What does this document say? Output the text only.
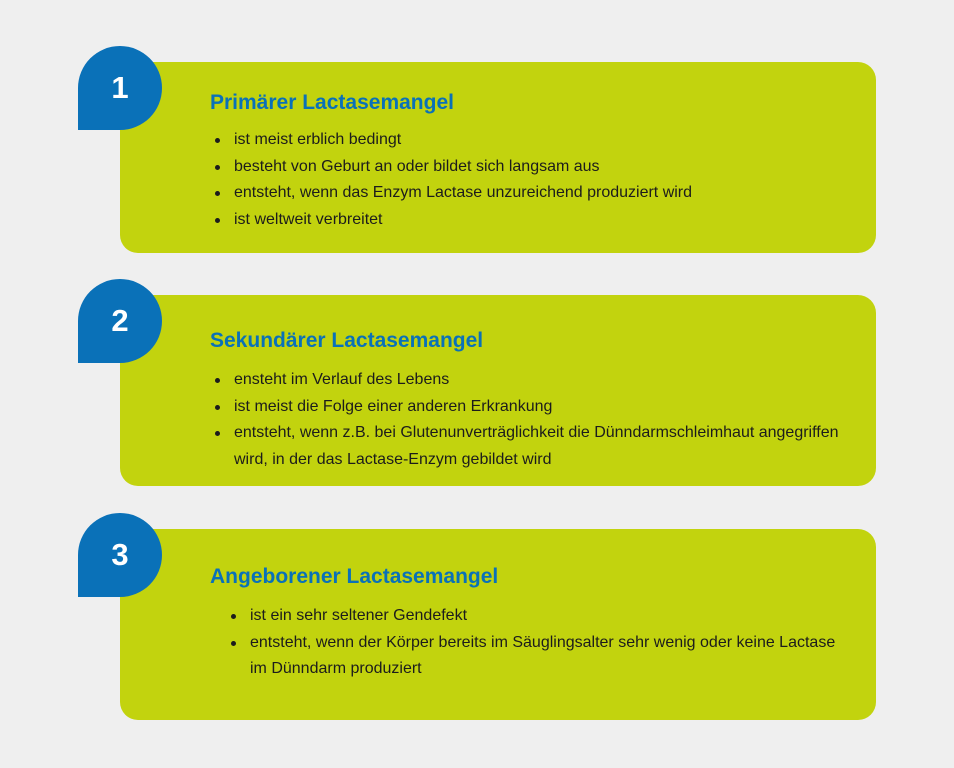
Primärer Lactasemangel
ist meist erblich bedingt
besteht von Geburt an oder bildet sich langsam aus
entsteht, wenn das Enzym Lactase unzureichend produziert wird
ist weltweit verbreitet
1
Sekundärer Lactasemangel
ensteht im Verlauf des Lebens
ist meist die Folge einer anderen Erkrankung
entsteht, wenn z.B. bei Glutenunverträglichkeit die Dünndarmschleimhaut angegriffen wird, in der das Lactase-Enzym gebildet wird
2
Angeborener Lactasemangel
ist ein sehr seltener Gendefekt
entsteht, wenn der Körper bereits im Säuglingsalter sehr wenig oder keine Lactase im Dünndarm produziert
3
